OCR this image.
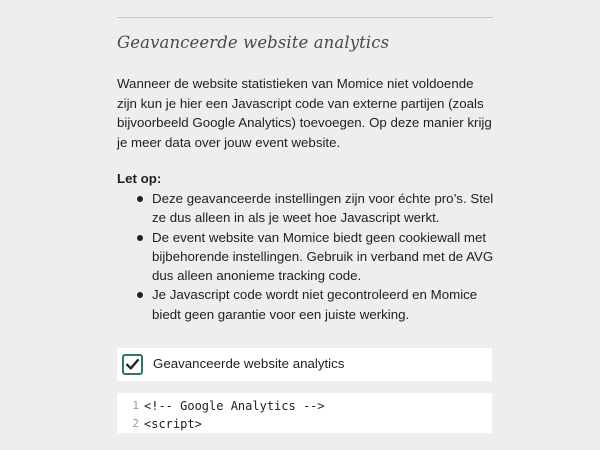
Geavanceerde website analytics

Wanneer de website statistieken van Momice niet voldoende zijn kun je hier een Javascript code van externe partijen (zoals bijvoorbeeld Google Analytics) toevoegen. Op deze manier krijg je meer data over jouw event website.

Let op:
Deze geavanceerde instellingen zijn voor échte pro’s. Stel ze dus alleen in als je weet hoe Javascript werkt.
De event website van Momice biedt geen cookiewall met bijbehorende instellingen. Gebruik in verband met de AVG dus alleen anonieme tracking code.
Je Javascript code wordt niet gecontroleerd en Momice biedt geen garantie voor een juiste werking.
Geavanceerde website analytics
1 <!-- Google Analytics -->
2 <script>
